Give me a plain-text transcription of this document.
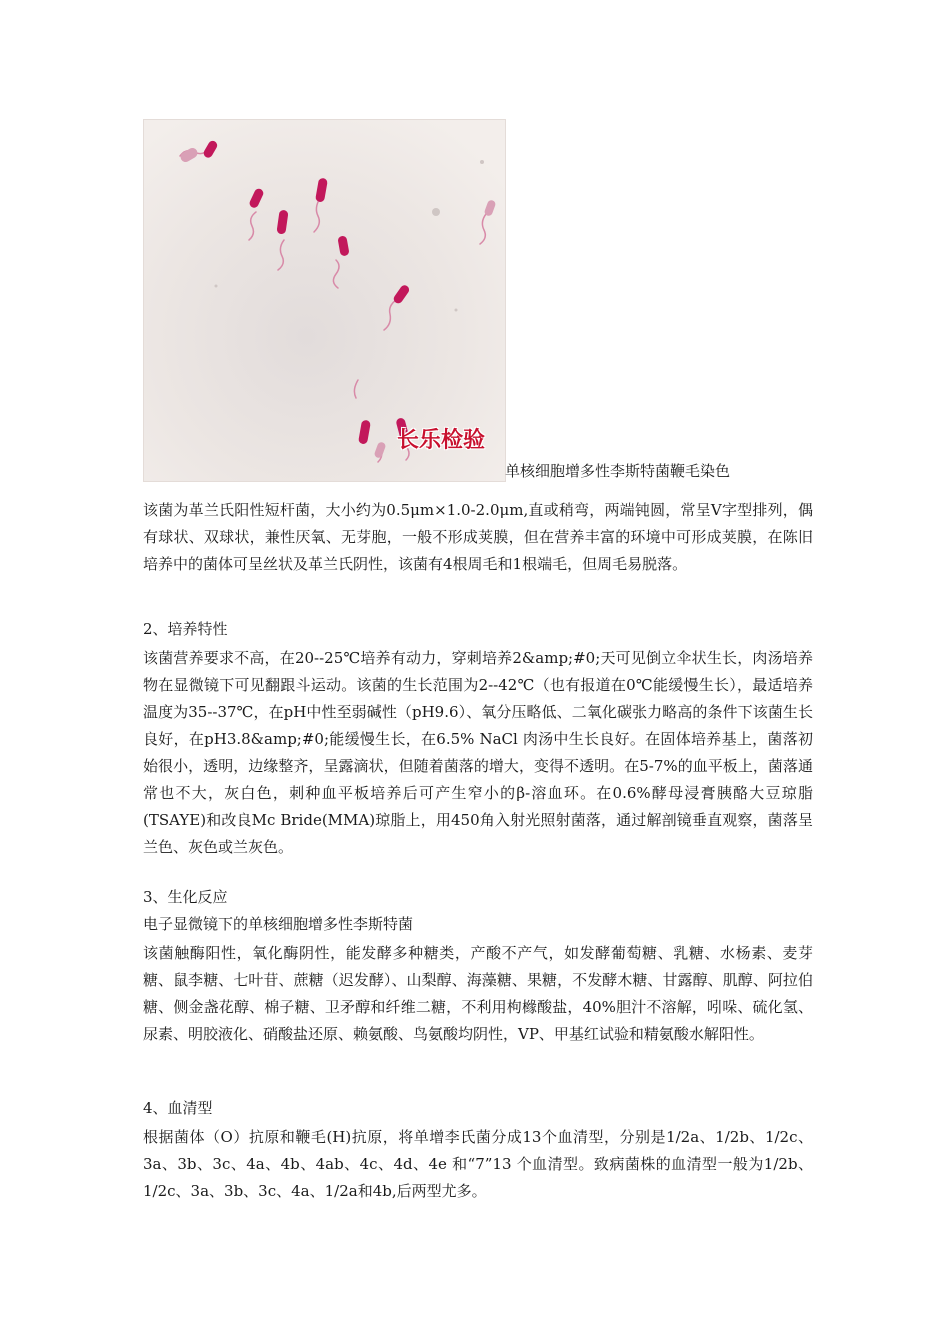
长乐检验
单核细胞增多性李斯特菌鞭毛染色

该菌为革兰氏阳性短杆菌，大小约为0.5μm×1.0-2.0μm,直或稍弯，两端钝圆，常呈V字型排列，偶有球状、双球状，兼性厌氧、无芽胞，一般不形成荚膜，但在营养丰富的环境中可形成荚膜，在陈旧培养中的菌体可呈丝状及革兰氏阴性，该菌有4根周毛和1根端毛，但周毛易脱落。

2、培养特性

该菌营养要求不高，在20--25℃培养有动力，穿刺培养2&amp;#0;天可见倒立伞状生长，肉汤培养物在显微镜下可见翻跟斗运动。该菌的生长范围为2--42℃（也有报道在0℃能缓慢生长），最适培养温度为35--37℃，在pH中性至弱碱性（pH9.6）、氧分压略低、二氧化碳张力略高的条件下该菌生长良好，在pH3.8&amp;#0;能缓慢生长，在6.5% NaCl 肉汤中生长良好。在固体培养基上，菌落初始很小，透明，边缘整齐，呈露滴状，但随着菌落的增大，变得不透明。在5-7%的血平板上，菌落通常也不大，灰白色，刺种血平板培养后可产生窄小的β-溶血环。在0.6%酵母浸膏胰酪大豆琼脂(TSAYE)和改良Mc Bride(MMA)琼脂上，用450角入射光照射菌落，通过解剖镜垂直观察，菌落呈兰色、灰色或兰灰色。

3、生化反应

电子显微镜下的单核细胞增多性李斯特菌

该菌触酶阳性，氧化酶阴性，能发酵多种糖类，产酸不产气，如发酵葡萄糖、乳糖、水杨素、麦芽糖、鼠李糖、七叶苷、蔗糖（迟发酵）、山梨醇、海藻糖、果糖，不发酵木糖、甘露醇、肌醇、阿拉伯糖、侧金盏花醇、棉子糖、卫矛醇和纤维二糖，不利用枸橼酸盐，40%胆汁不溶解，吲哚、硫化氢、尿素、明胶液化、硝酸盐还原、赖氨酸、鸟氨酸均阴性，VP、甲基红试验和精氨酸水解阳性。

4、血清型

根据菌体（O）抗原和鞭毛(H)抗原，将单增李氏菌分成13个血清型，分别是1/2a、1/2b、1/2c、3a、3b、3c、4a、4b、4ab、4c、4d、4e 和“7”13 个血清型。致病菌株的血清型一般为1/2b、1/2c、3a、3b、3c、4a、1/2a和4b,后两型尤多。
